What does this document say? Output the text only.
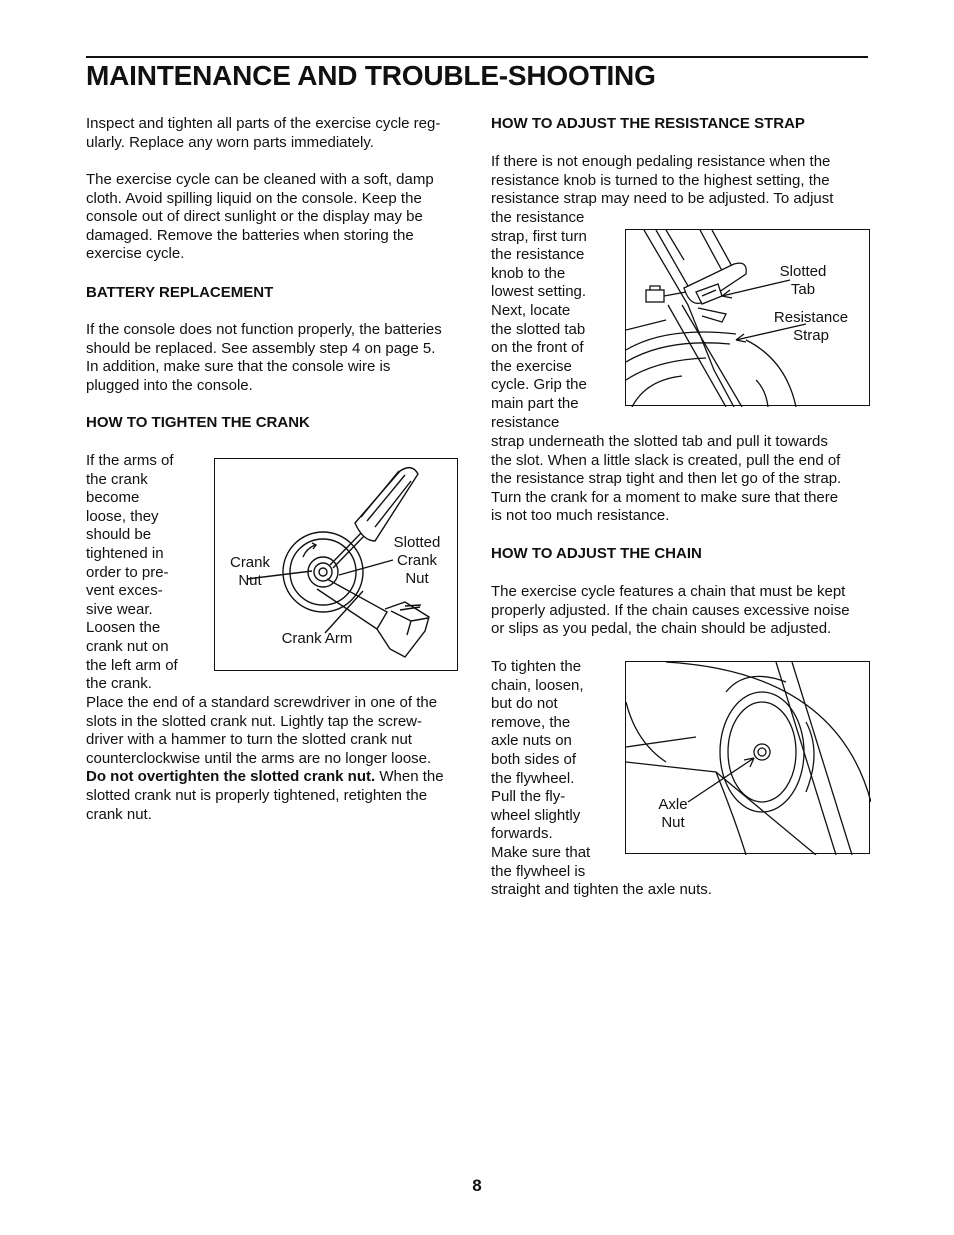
MAINTENANCE AND TROUBLE-SHOOTING
Inspect and tighten all parts of the exercise cycle reg-
ularly. Replace any worn parts immediately.
The exercise cycle can be cleaned with a soft, damp
cloth. Avoid spilling liquid on the console. Keep the
console out of direct sunlight or the display may be
damaged. Remove the batteries when storing the
exercise cycle.
BATTERY REPLACEMENT
If the console does not function properly, the batteries
should be replaced. See assembly step 4 on page 5.
In addition, make sure that the console wire is
plugged into the console.
HOW TO TIGHTEN THE CRANK
If the arms of
the crank
become
loose, they
should be
tightened in
order to pre-
vent exces-
sive wear.
Loosen the
crank nut on
the left arm of
the crank.
Place the end of a standard screwdriver in one of the
slots in the slotted crank nut. Lightly tap the screw-
driver with a hammer to turn the slotted crank nut
counterclockwise until the arms are no longer loose.
Do not overtighten the slotted crank nut. When the
slotted crank nut is properly tightened, retighten the
crank nut.
Crank
Nut
Slotted
Crank
Nut
Crank Arm
HOW TO ADJUST THE RESISTANCE STRAP
If there is not enough pedaling resistance when the
resistance knob is turned to the highest setting, the
resistance strap may need to be adjusted. To adjust
the resistance
strap, first turn
the resistance
knob to the
lowest setting.
Next, locate
the slotted tab
on the front of
the exercise
cycle. Grip the
main part the
resistance
strap underneath the slotted tab and pull it towards
the slot. When a little slack is created, pull the end of
the resistance strap tight and then let go of the strap.
Turn the crank for a moment to make sure that there
is not too much resistance.
Slotted
Tab
Resistance
Strap
HOW TO ADJUST THE CHAIN
The exercise cycle features a chain that must be kept
properly adjusted. If the chain causes excessive noise
or slips as you pedal, the chain should be adjusted.
To tighten the
chain, loosen,
but do not
remove, the
axle nuts on
both sides of
the flywheel.
Pull the fly-
wheel slightly
forwards.
Make sure that
the flywheel is
straight and tighten the axle nuts.
Axle
Nut
8
